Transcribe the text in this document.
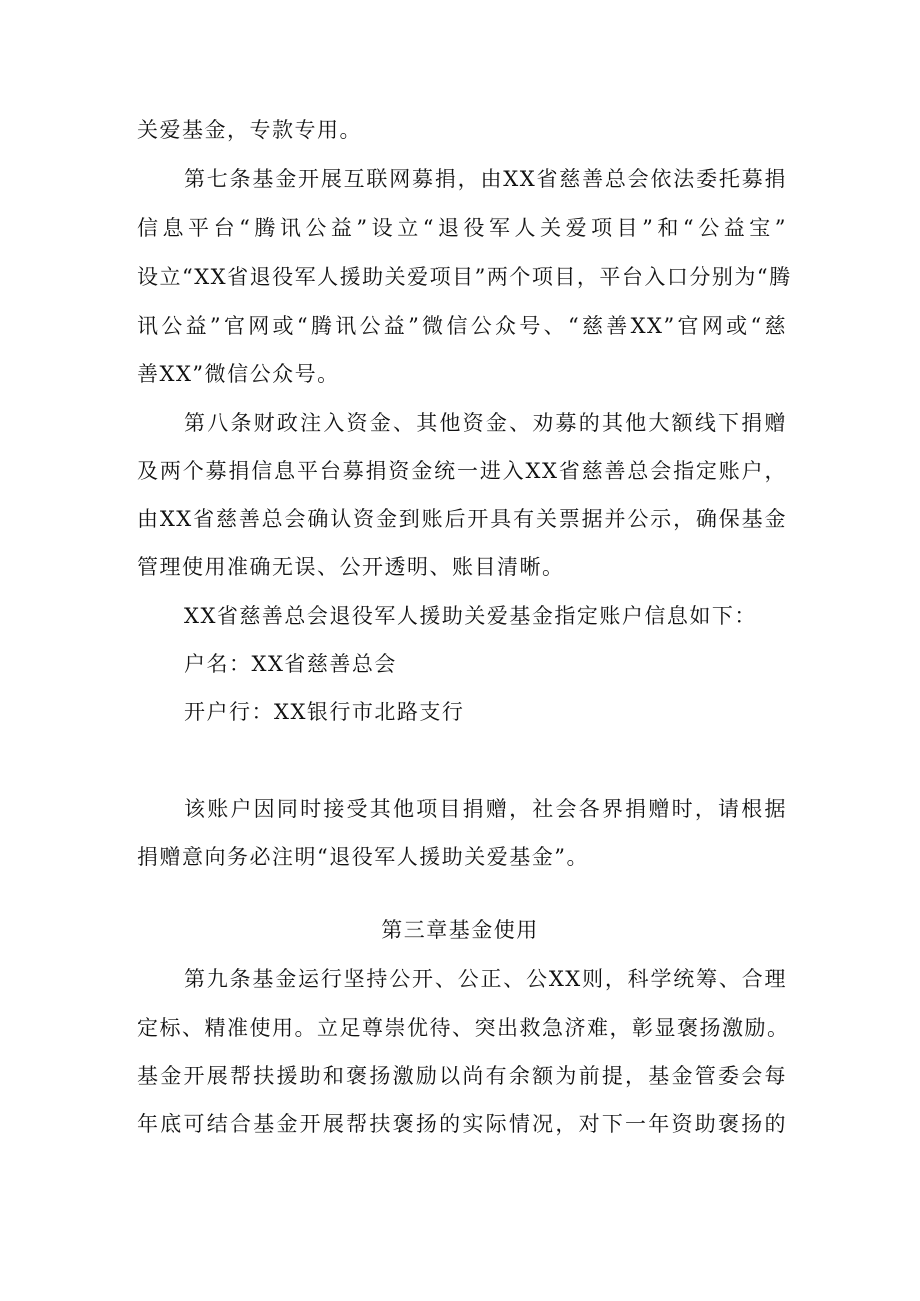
关爱基金，专款专用。
第七条基金开展互联网募捐，由XX省慈善总会依法委托募捐
信息平台“腾讯公益”设立“退役军人关爱项目”和“公益宝”
设立“XX省退役军人援助关爱项目”两个项目，平台入口分别为“腾
讯公益”官网或“腾讯公益”微信公众号、“慈善XX”官网或“慈
善XX”微信公众号。
第八条财政注入资金、其他资金、劝募的其他大额线下捐赠
及两个募捐信息平台募捐资金统一进入XX省慈善总会指定账户，
由XX省慈善总会确认资金到账后开具有关票据并公示，确保基金
管理使用准确无误、公开透明、账目清晰。
XX省慈善总会退役军人援助关爱基金指定账户信息如下：
户名：XX省慈善总会
开户行：XX银行市北路支行
该账户因同时接受其他项目捐赠，社会各界捐赠时，请根据
捐赠意向务必注明“退役军人援助关爱基金”。
第三章基金使用
第九条基金运行坚持公开、公正、公XX则，科学统筹、合理
定标、精准使用。立足尊崇优待、突出救急济难，彰显褒扬激励。
基金开展帮扶援助和褒扬激励以尚有余额为前提，基金管委会每
年底可结合基金开展帮扶褒扬的实际情况，对下一年资助褒扬的
